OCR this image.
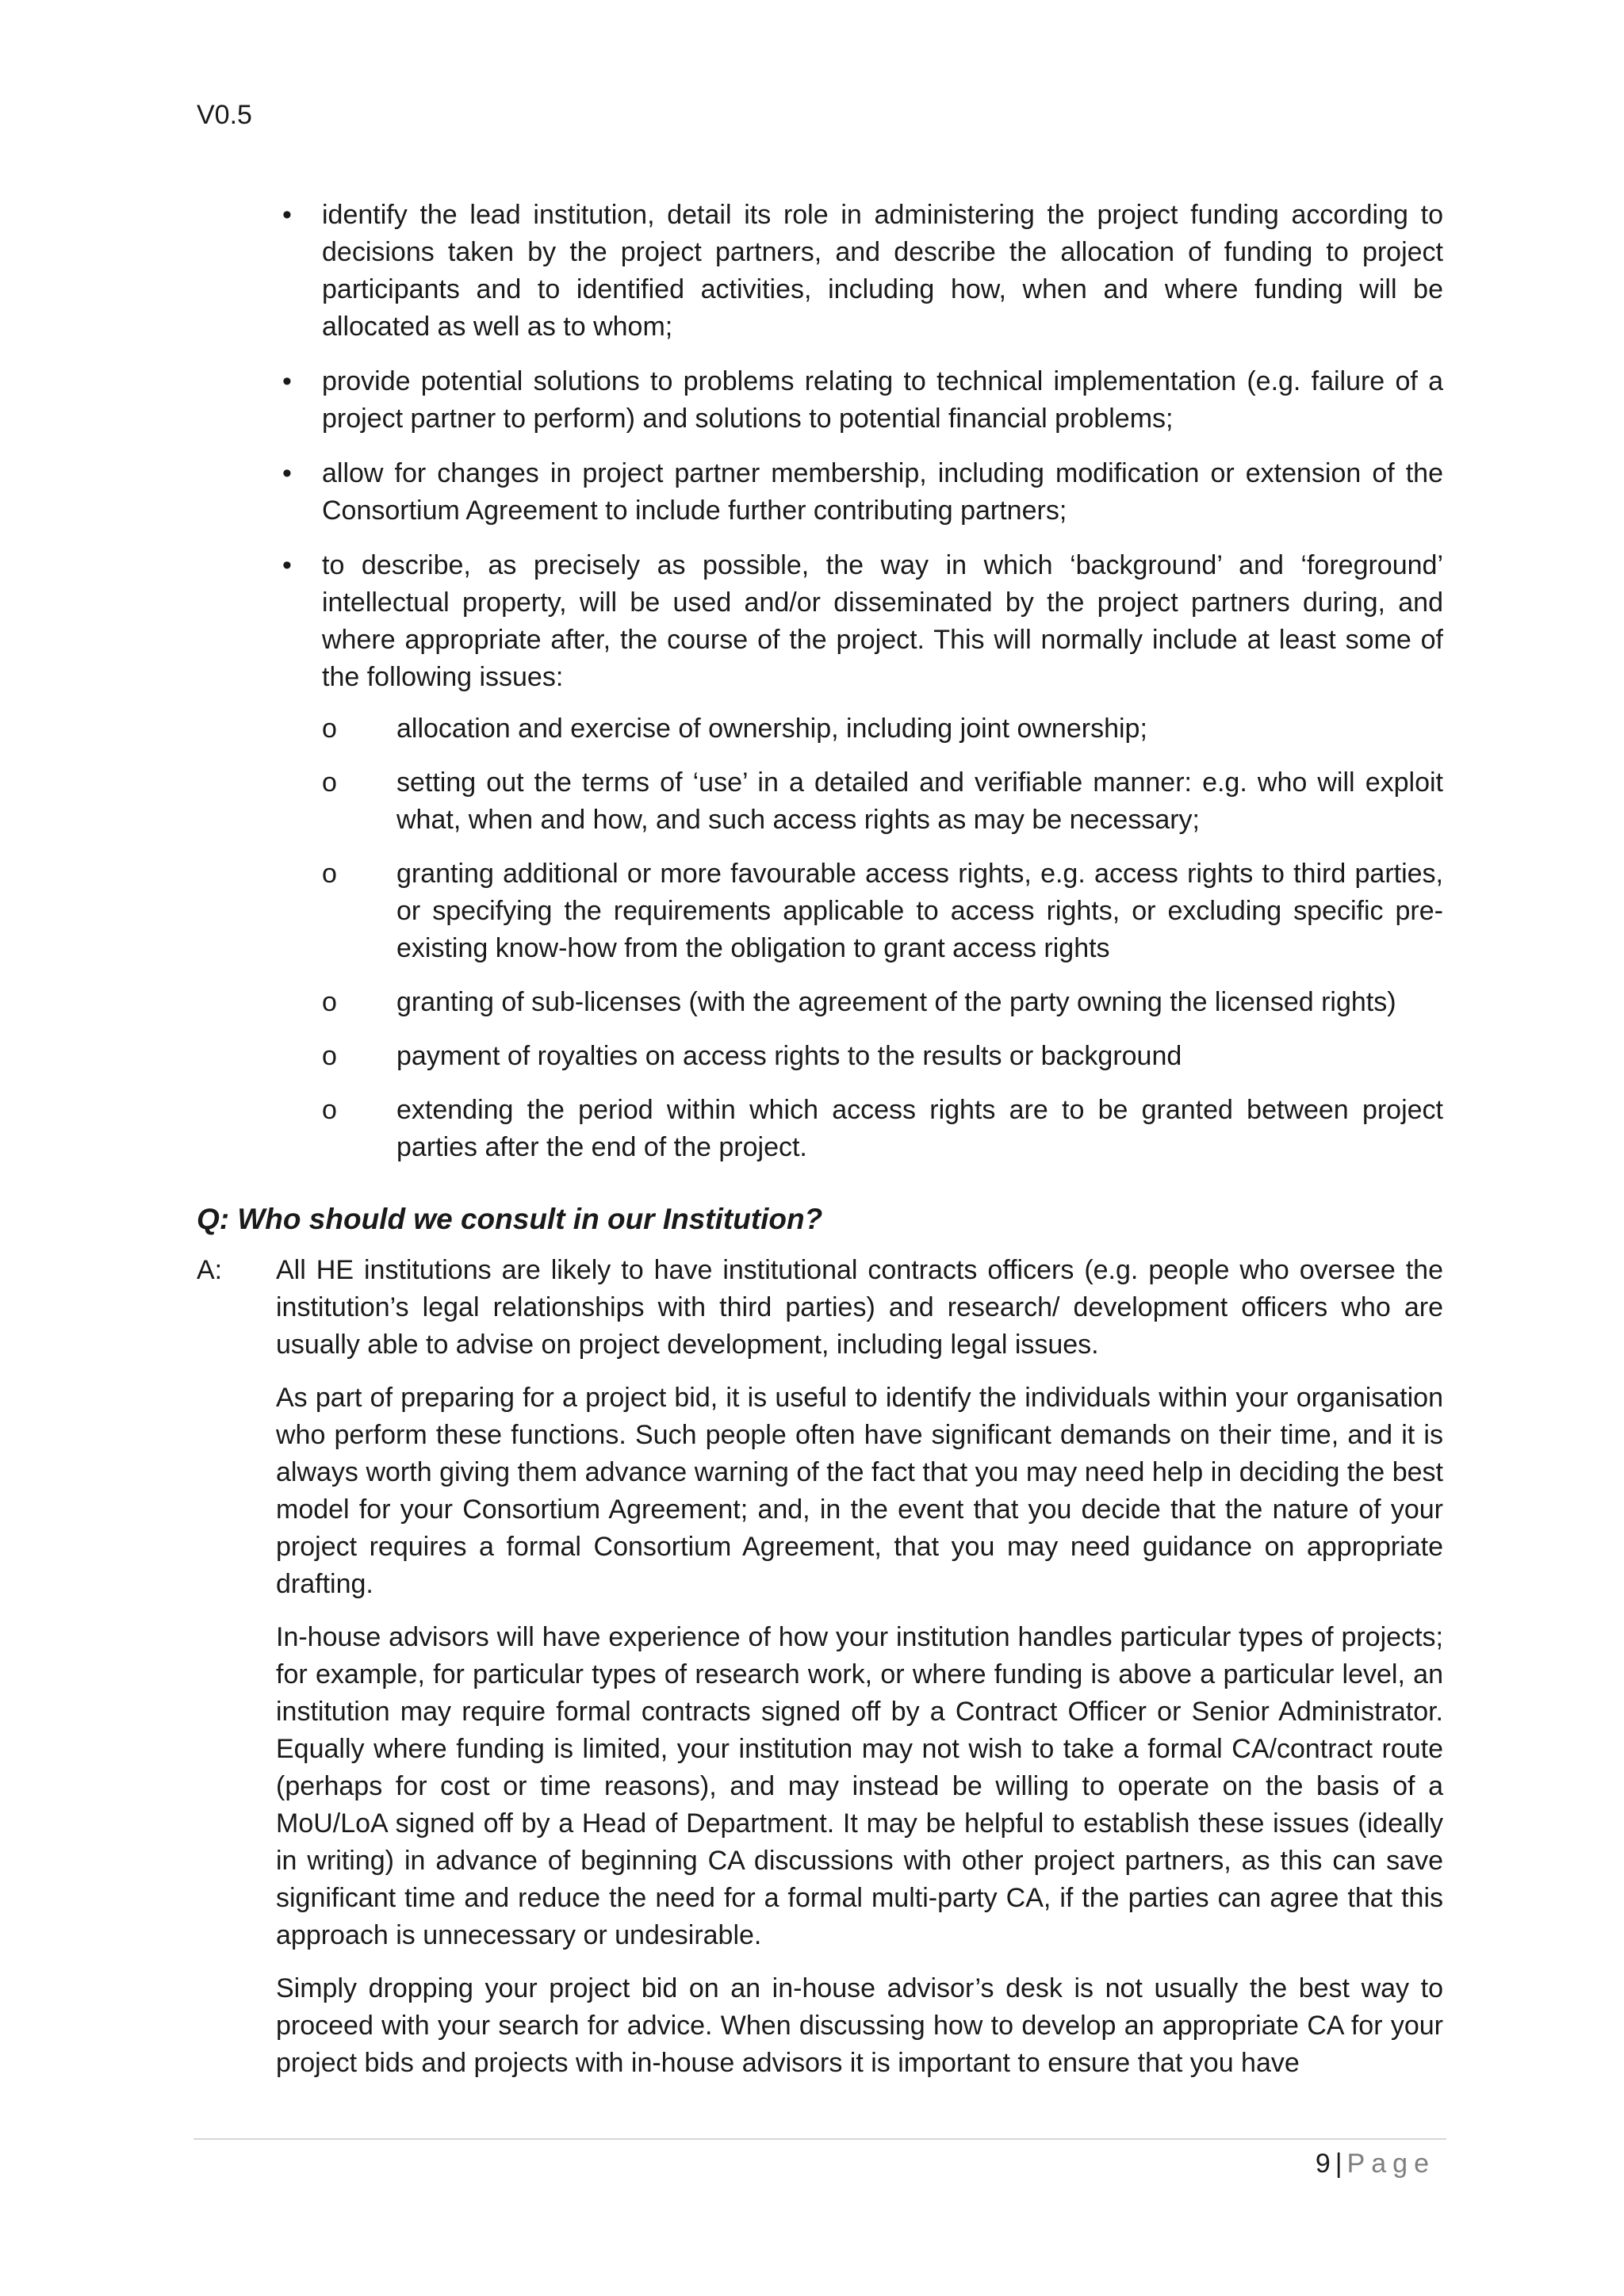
V0.5
•	identify the lead institution, detail its role in administering the project funding according to decisions taken by the project partners, and describe the allocation of funding to project participants and to identified activities, including how, when and where funding will be allocated as well as to whom;
•	provide potential solutions to problems relating to technical implementation (e.g. failure of a project partner to perform) and solutions to potential financial problems;
•	allow for changes in project partner membership, including modification or extension of the Consortium Agreement to include further contributing partners;
•	to describe, as precisely as possible, the way in which ‘background’ and ‘foreground’ intellectual property, will be used and/or disseminated by the project partners during, and where appropriate after, the course of the project. This will normally include at least some of the following issues:
o	allocation and exercise of ownership, including joint ownership;
o	setting out the terms of ‘use’ in a detailed and verifiable manner: e.g. who will exploit what, when and how, and such access rights as may be necessary;
o	granting additional or more favourable access rights, e.g. access rights to third parties, or specifying the requirements applicable to access rights, or excluding specific pre-existing know-how from the obligation to grant access rights
o	granting of sub-licenses (with the agreement of the party owning the licensed rights)
o	payment of royalties on access rights to the results or background
o	extending the period within which access rights are to be granted between project parties after the end of the project.
Q: Who should we consult in our Institution?
A: All HE institutions are likely to have institutional contracts officers (e.g. people who oversee the institution’s legal relationships with third parties) and research/ development officers who are usually able to advise on project development, including legal issues.
As part of preparing for a project bid, it is useful to identify the individuals within your organisation who perform these functions. Such people often have significant demands on their time, and it is always worth giving them advance warning of the fact that you may need help in deciding the best model for your Consortium Agreement; and, in the event that you decide that the nature of your project requires a formal Consortium Agreement, that you may need guidance on appropriate drafting.
In-house advisors will have experience of how your institution handles particular types of projects; for example, for particular types of research work, or where funding is above a particular level, an institution may require formal contracts signed off by a Contract Officer or Senior Administrator. Equally where funding is limited, your institution may not wish to take a formal CA/contract route (perhaps for cost or time reasons), and may instead be willing to operate on the basis of a MoU/LoA signed off by a Head of Department. It may be helpful to establish these issues (ideally in writing) in advance of beginning CA discussions with other project partners, as this can save significant time and reduce the need for a formal multi-party CA, if the parties can agree that this approach is unnecessary or undesirable.
Simply dropping your project bid on an in-house advisor’s desk is not usually the best way to proceed with your search for advice. When discussing how to develop an appropriate CA for your project bids and projects with in-house advisors it is important to ensure that you have
9 | Page
